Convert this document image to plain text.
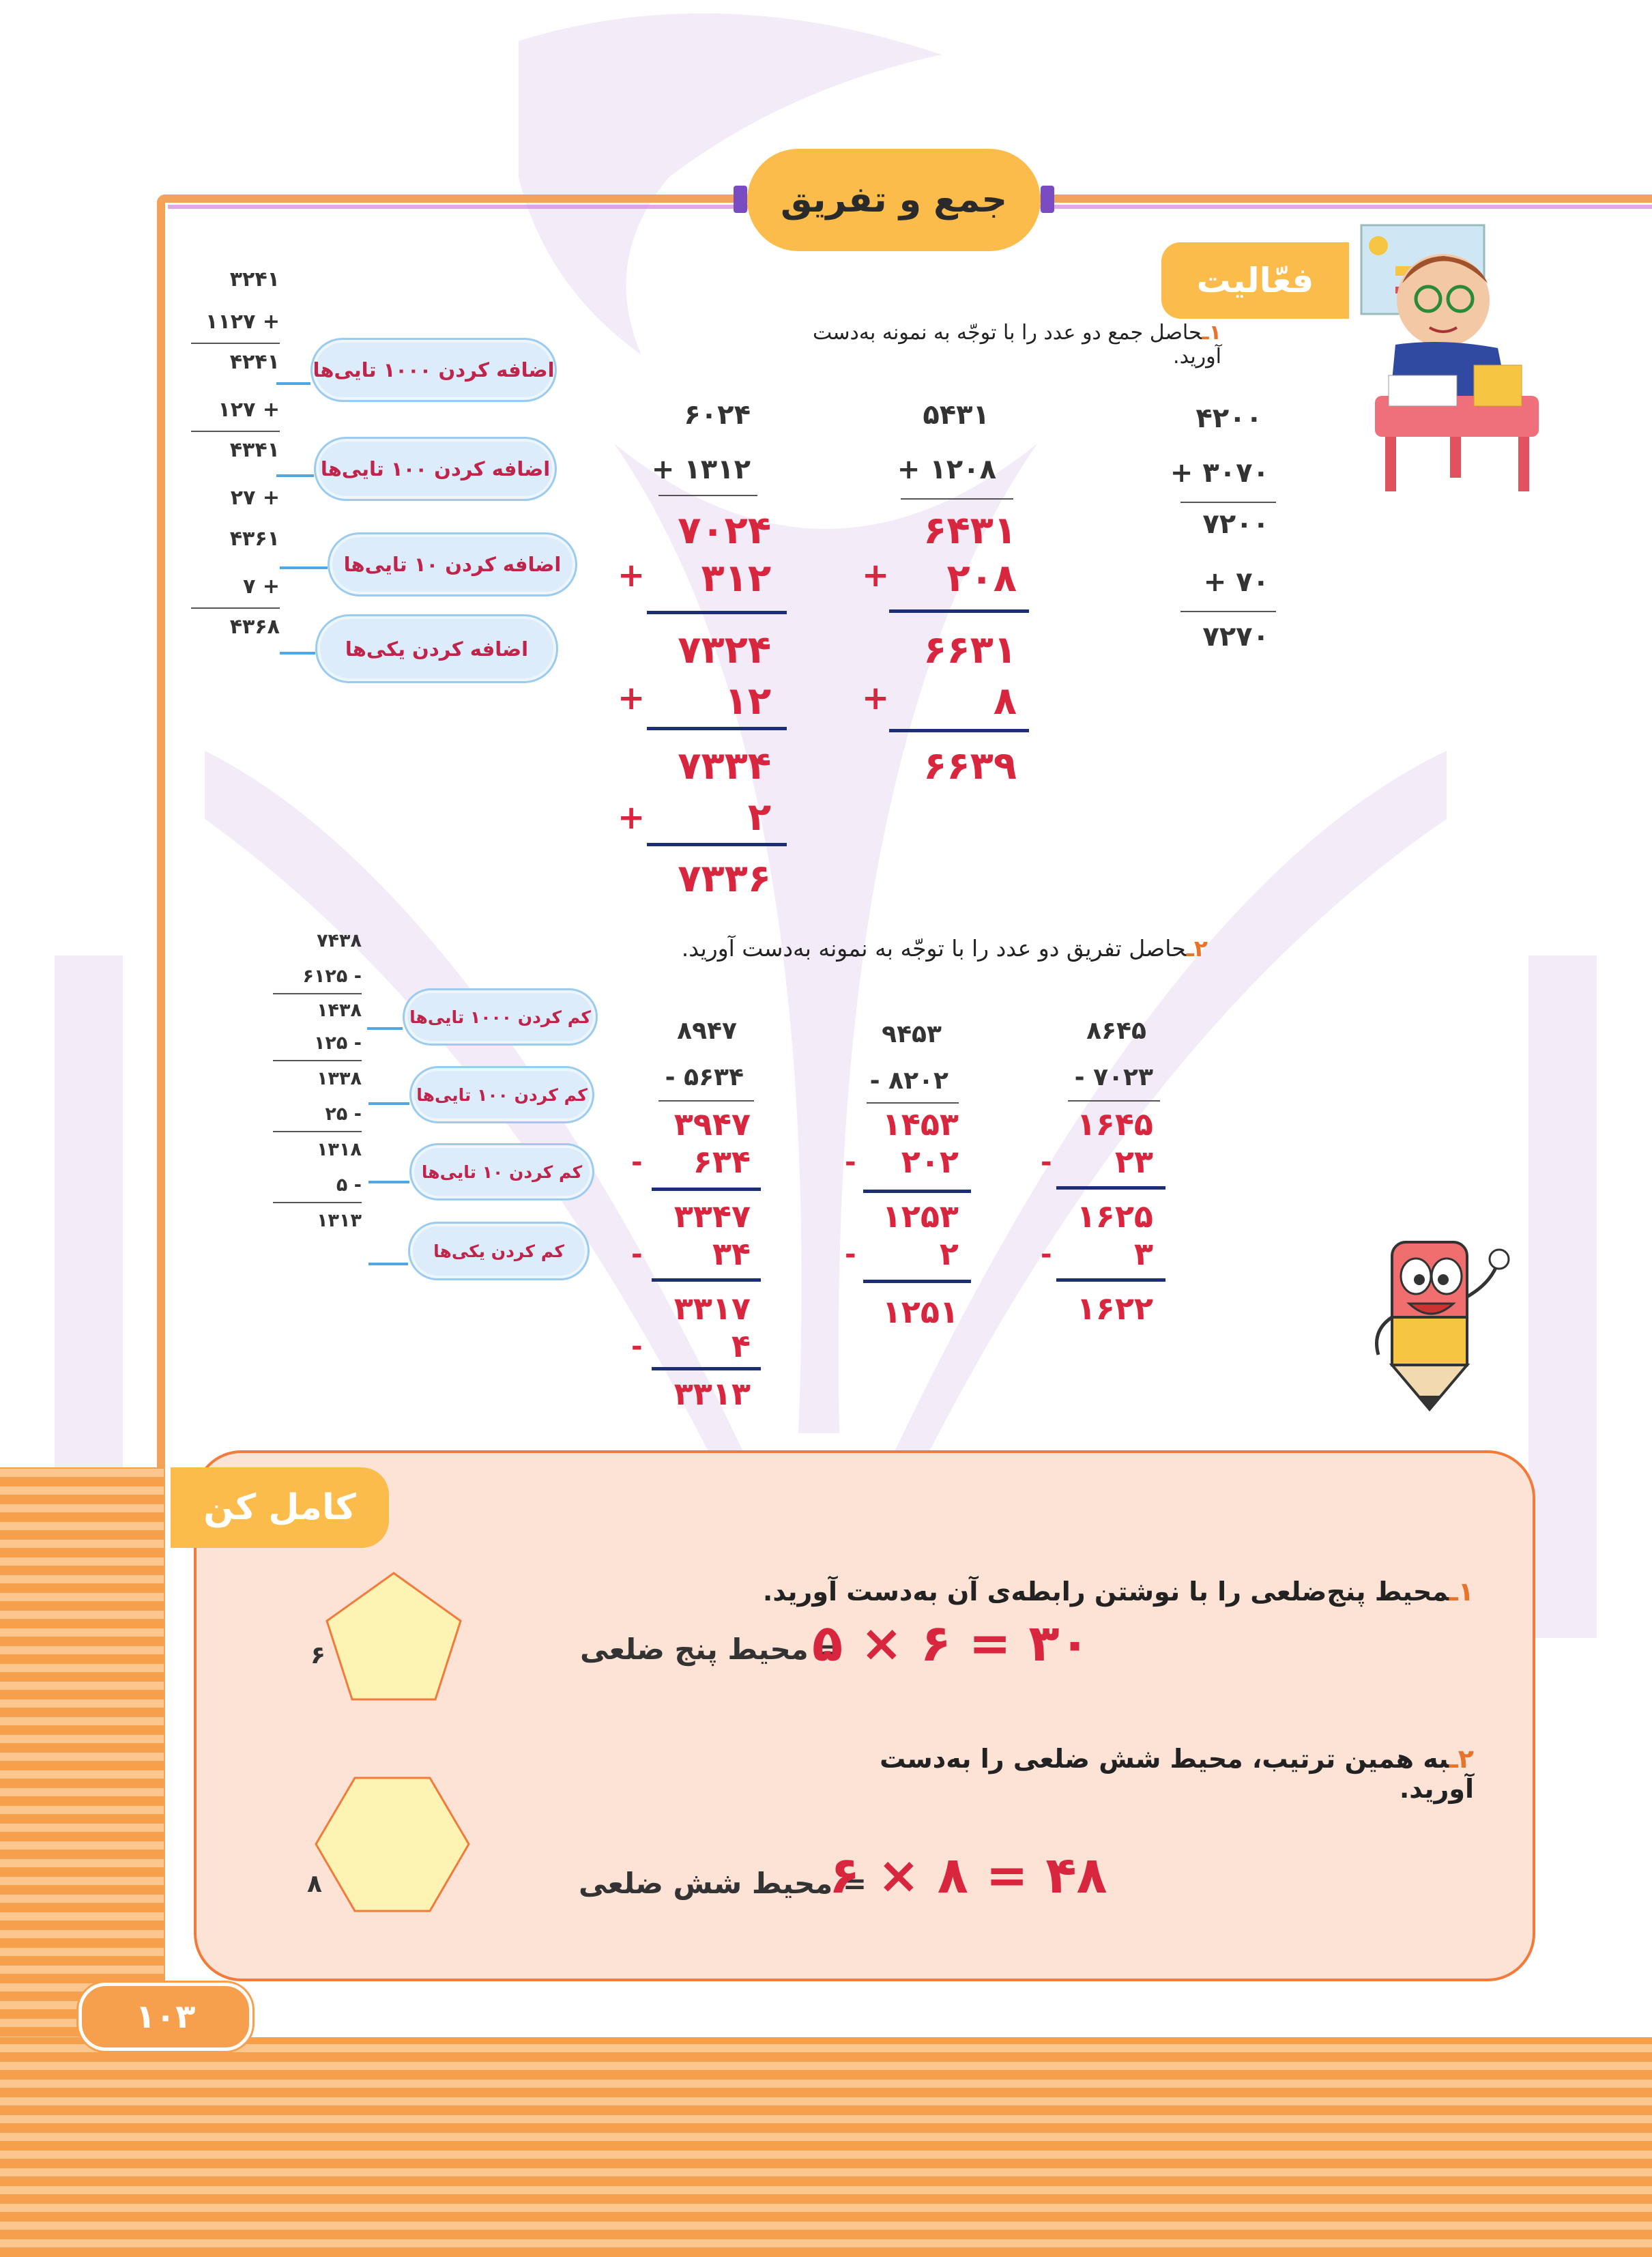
جمع و تفریق
فعّالیت
۱ـحاصل جمع دو عدد را با توجّه به نمونه به‌دست آورید.
۳۲۴۱
+ ۱۱۲۷
۴۲۴۱
+ ۱۲۷
۴۳۴۱
+ ۲۷
۴۳۶۱
+ ۷
۴۳۶۸
اضافه کردن ۱۰۰۰ تایی‌ها
اضافه کردن ۱۰۰ تایی‌ها
اضافه کردن ۱۰ تایی‌ها
اضافه کردن یکی‌ها
۶۰۲۴
+ ۱۳۱۲
۷۰۲۴
+	۳۱۲
۷۳۲۴
+	۱۲
۷۳۳۴
+	۲
۷۳۳۶
۵۴۳۱
+ ۱۲۰۸
۶۴۳۱
+	۲۰۸
۶۶۳۱
+	۸
۶۶۳۹
۴۲۰۰
+ ۳۰۷۰
۷۲۰۰
+ ۷۰
۷۲۷۰
۲ـحاصل تفریق دو عدد را با توجّه به نمونه به‌دست آورید.
۷۴۳۸
- ۶۱۲۵
۱۴۳۸
- ۱۲۵
۱۳۳۸
- ۲۵
۱۳۱۸
- ۵
۱۳۱۳
کم کردن ۱۰۰۰ تایی‌ها
کم کردن ۱۰۰ تایی‌ها
کم کردن ۱۰ تایی‌ها
کم کردن یکی‌ها
۸۹۴۷
- ۵۶۳۴
۳۹۴۷
-	۶۳۴
۳۳۴۷
-	۳۴
۳۳۱۷
-	۴
۳۳۱۳
۹۴۵۳
- ۸۲۰۲
۱۴۵۳
-	۲۰۲
۱۲۵۳
-	۲
۱۲۵۱
۸۶۴۵
- ۷۰۲۳
۱۶۴۵
-	۲۳
۱۶۲۵
-	۳
۱۶۲۲
کامل کن
۱ـمحیط پنج‌ضلعی را با نوشتن رابطه‌ی آن به‌دست آورید.
۶	= محیط پنج ضلعی
۵ × ۶ = ۳۰
۲ـبه همین ترتیب، محیط شش ضلعی را به‌دست آورید.
۸	= محیط شش ضلعی
۶ × ۸ = ۴۸
۱۰۳
